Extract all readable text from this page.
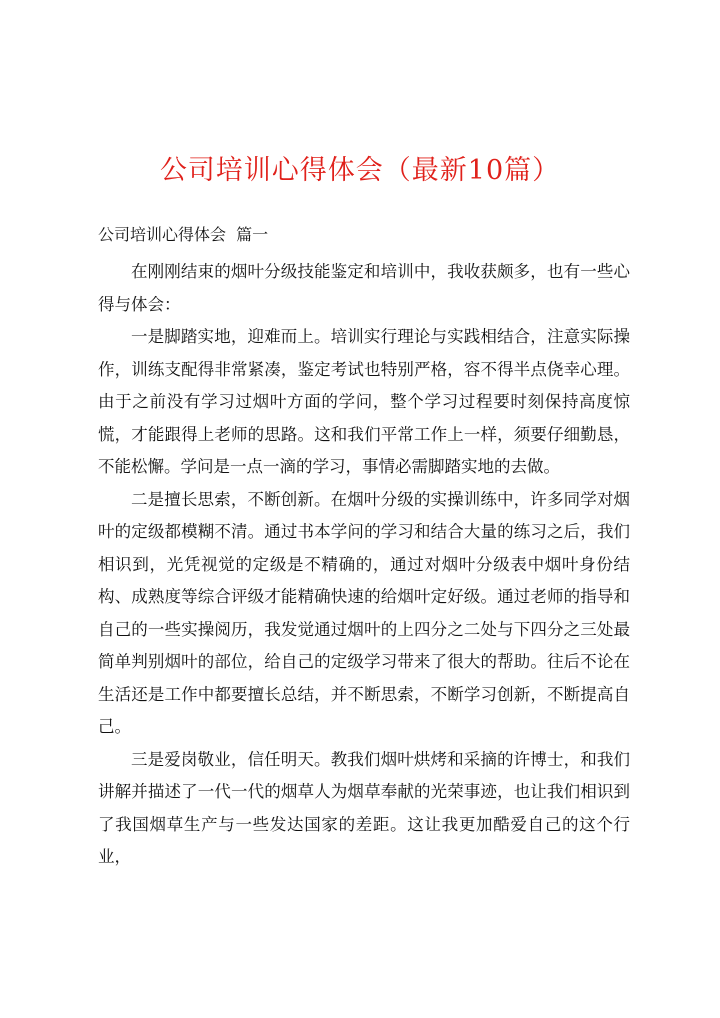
公司培训心得体会（最新10篇）
公司培训心得体会  篇一

在刚刚结束的烟叶分级技能鉴定和培训中，我收获颇多，也有一些心得与体会：

一是脚踏实地，迎难而上。培训实行理论与实践相结合，注意实际操作，训练支配得非常紧凑，鉴定考试也特别严格，容不得半点侥幸心理。由于之前没有学习过烟叶方面的学问，整个学习过程要时刻保持高度惊慌，才能跟得上老师的思路。这和我们平常工作上一样，须要仔细勤恳，不能松懈。学问是一点一滴的学习，事情必需脚踏实地的去做。

二是擅长思索，不断创新。在烟叶分级的实操训练中，许多同学对烟叶的定级都模糊不清。通过书本学问的学习和结合大量的练习之后，我们相识到，光凭视觉的定级是不精确的，通过对烟叶分级表中烟叶身份结构、成熟度等综合评级才能精确快速的给烟叶定好级。通过老师的指导和自己的一些实操阅历，我发觉通过烟叶的上四分之二处与下四分之三处最简单判别烟叶的部位，给自己的定级学习带来了很大的帮助。往后不论在生活还是工作中都要擅长总结，并不断思索，不断学习创新，不断提高自己。

三是爱岗敬业，信任明天。教我们烟叶烘烤和采摘的许博士，和我们讲解并描述了一代一代的烟草人为烟草奉献的光荣事迹，也让我们相识到了我国烟草生产与一些发达国家的差距。这让我更加酷爱自己的这个行业，
